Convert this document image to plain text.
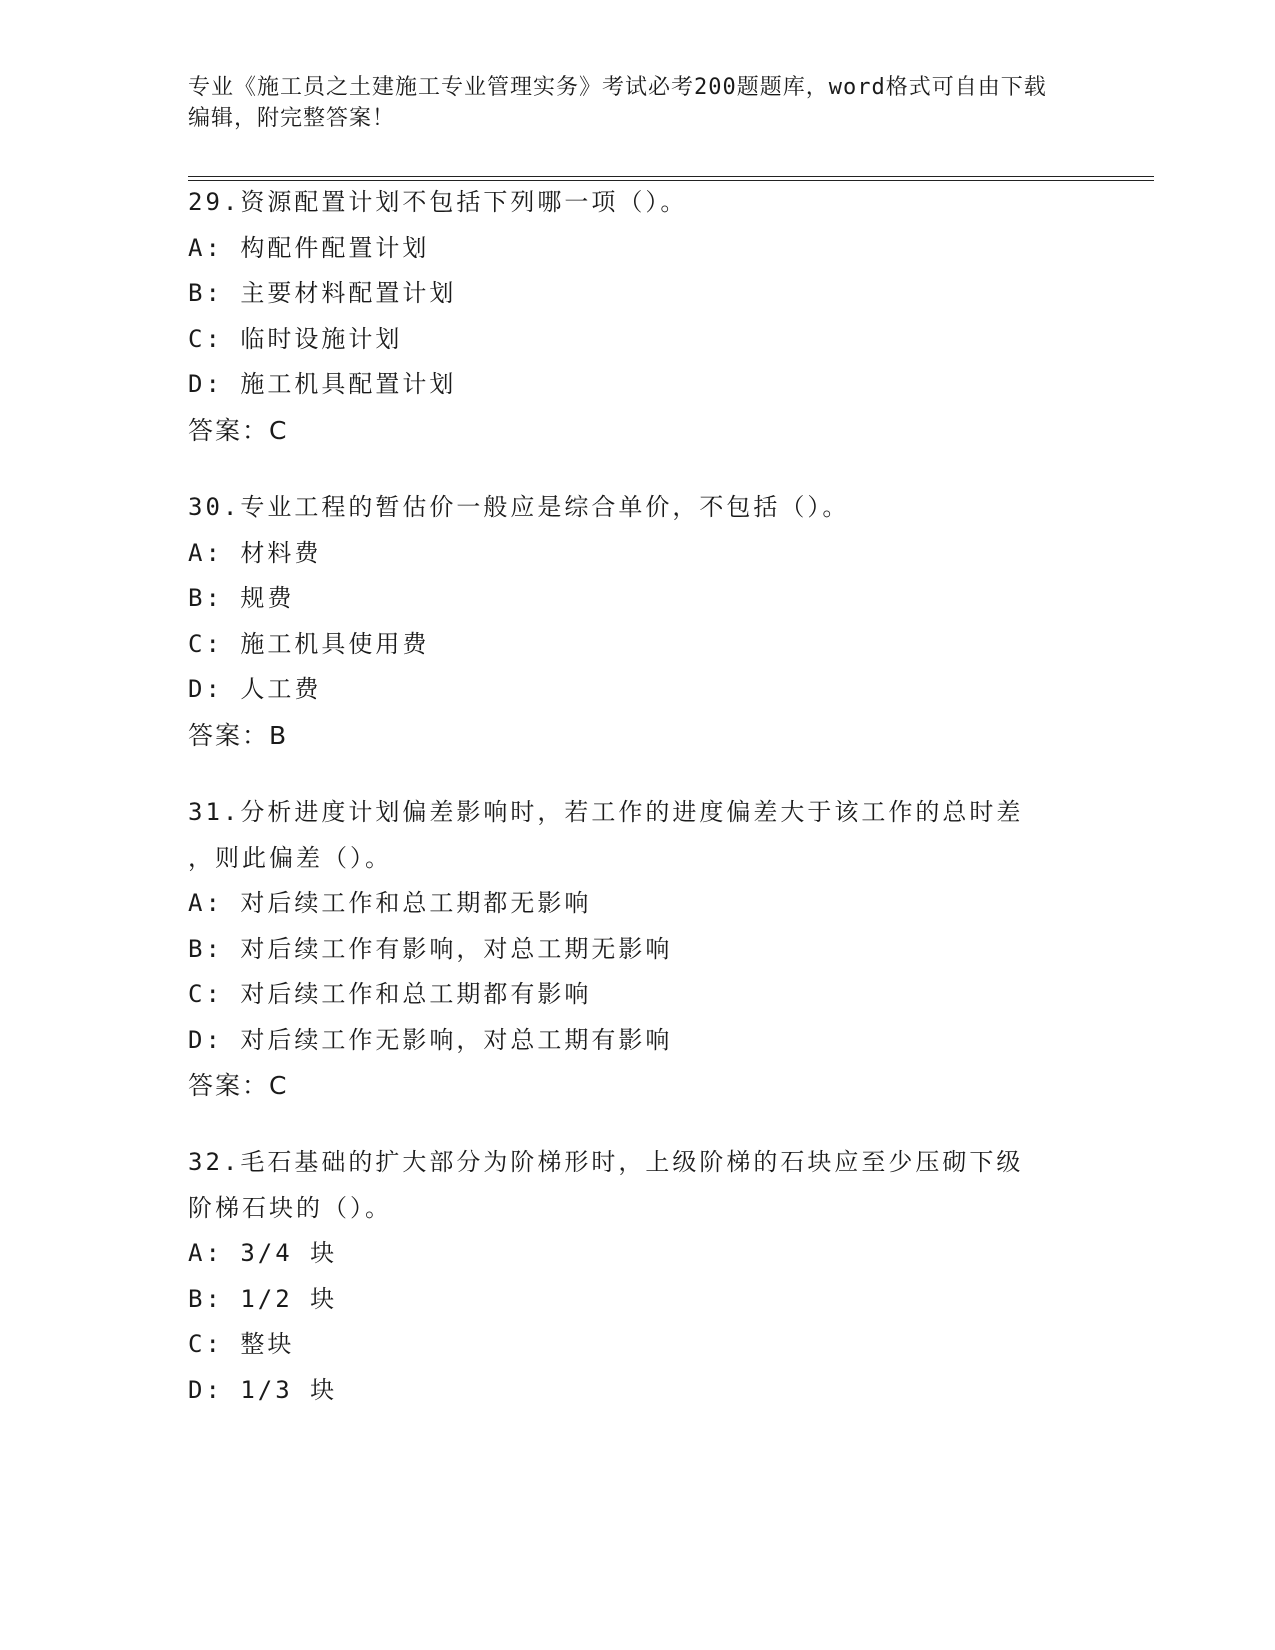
专业《施工员之土建施工专业管理实务》考试必考200题题库，word格式可自由下载编辑，附完整答案！
29.资源配置计划不包括下列哪一项（）。
A: 构配件配置计划
B: 主要材料配置计划
C: 临时设施计划
D: 施工机具配置计划
答案：C
30.专业工程的暂估价一般应是综合单价，不包括（）。
A: 材料费
B: 规费
C: 施工机具使用费
D: 人工费
答案：B
31.分析进度计划偏差影响时，若工作的进度偏差大于该工作的总时差
，则此偏差（）。
A: 对后续工作和总工期都无影响
B: 对后续工作有影响，对总工期无影响
C: 对后续工作和总工期都有影响
D: 对后续工作无影响，对总工期有影响
答案：C
32.毛石基础的扩大部分为阶梯形时，上级阶梯的石块应至少压砌下级
阶梯石块的（）。
A: 3/4 块
B: 1/2 块
C: 整块
D: 1/3 块
